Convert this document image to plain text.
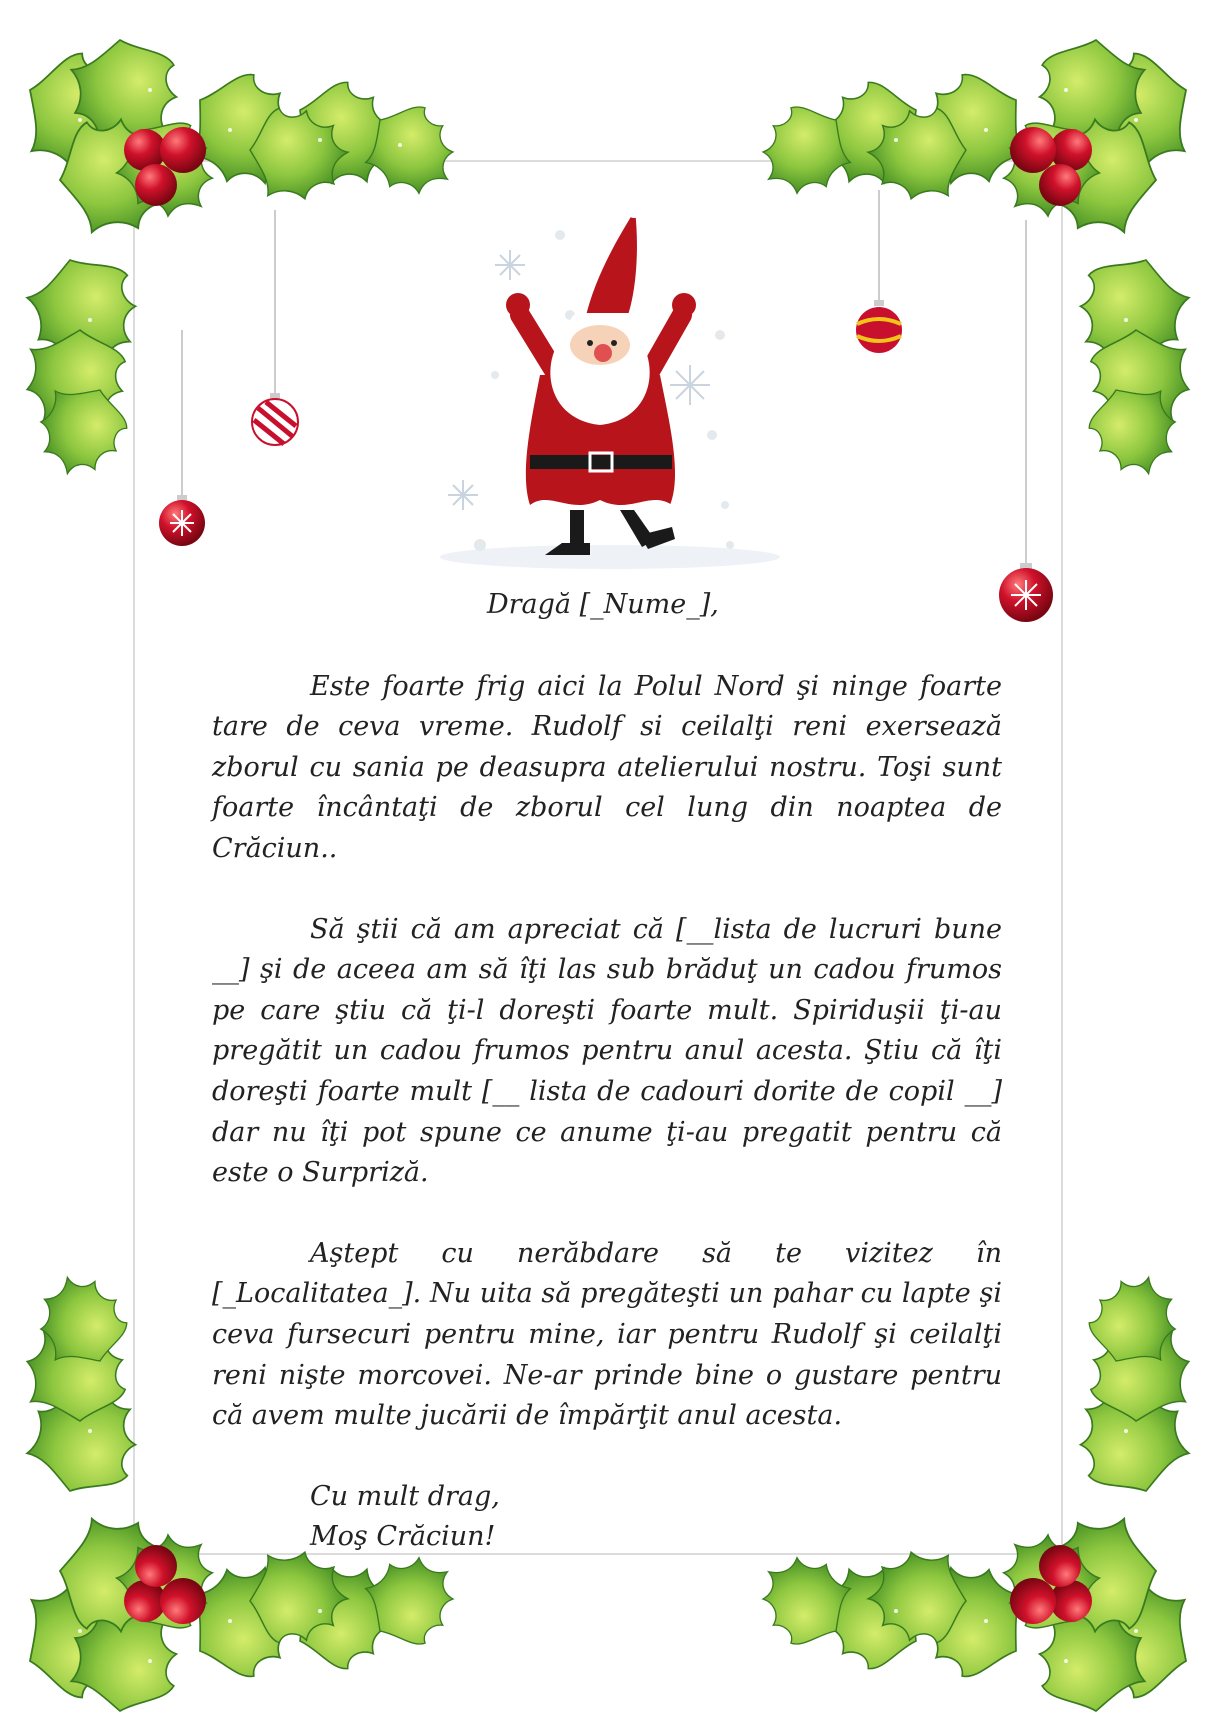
Dragă [_Nume_],

Este foarte frig aici la Polul Nord şi ninge foarte tare de ceva vreme. Rudolf si ceilalţi reni exersează zborul cu sania pe deasupra atelierului nostru. Toşi sunt foarte încântaţi de zborul cel lung din noaptea de Crăciun..

Să ştii că am apreciat că [__lista de lucruri bune __] şi de aceea am să îţi las sub brăduţ un cadou frumos pe care ştiu că ţi-l doreşti foarte mult. Spiriduşii ţi-au pregătit un cadou frumos pentru anul acesta. Ştiu că îţi doreşti foarte mult [__ lista de cadouri dorite de copil __] dar nu îţi pot spune ce anume ţi-au pregatit pentru că este o Surpriză.

Aştept cu nerăbdare să te vizitez în [_Localitatea_]. Nu uita să pregăteşti un pahar cu lapte şi ceva fursecuri pentru mine, iar pentru Rudolf şi ceilalţi reni nişte morcovei. Ne-ar prinde bine o gustare pentru că avem multe jucării de împărţit anul acesta.

Cu mult drag,
Moş Crăciun!
